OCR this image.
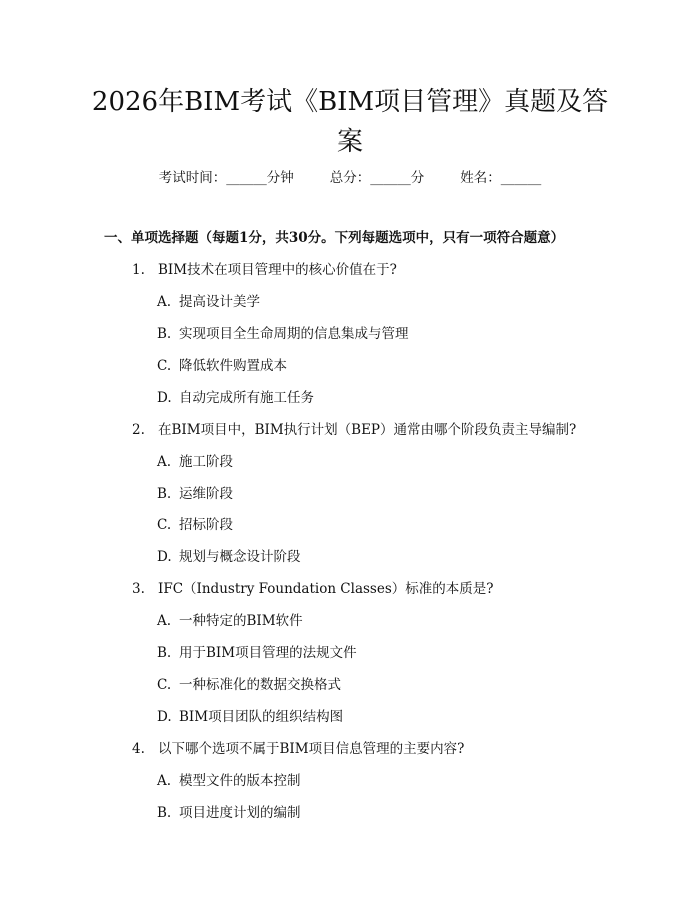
2026年BIM考试《BIM项目管理》真题及答案
考试时间：______分钟	总分：______分	姓名：______
一、单项选择题（每题1分，共30分。下列每题选项中，只有一项符合题意）
1. BIM技术在项目管理中的核心价值在于?
A. 提高设计美学
B. 实现项目全生命周期的信息集成与管理
C. 降低软件购置成本
D. 自动完成所有施工任务
2. 在BIM项目中，BIM执行计划（BEP）通常由哪个阶段负责主导编制?
A. 施工阶段
B. 运维阶段
C. 招标阶段
D. 规划与概念设计阶段
3. IFC（Industry Foundation Classes）标准的本质是?
A. 一种特定的BIM软件
B. 用于BIM项目管理的法规文件
C. 一种标准化的数据交换格式
D. BIM项目团队的组织结构图
4. 以下哪个选项不属于BIM项目信息管理的主要内容?
A. 模型文件的版本控制
B. 项目进度计划的编制
